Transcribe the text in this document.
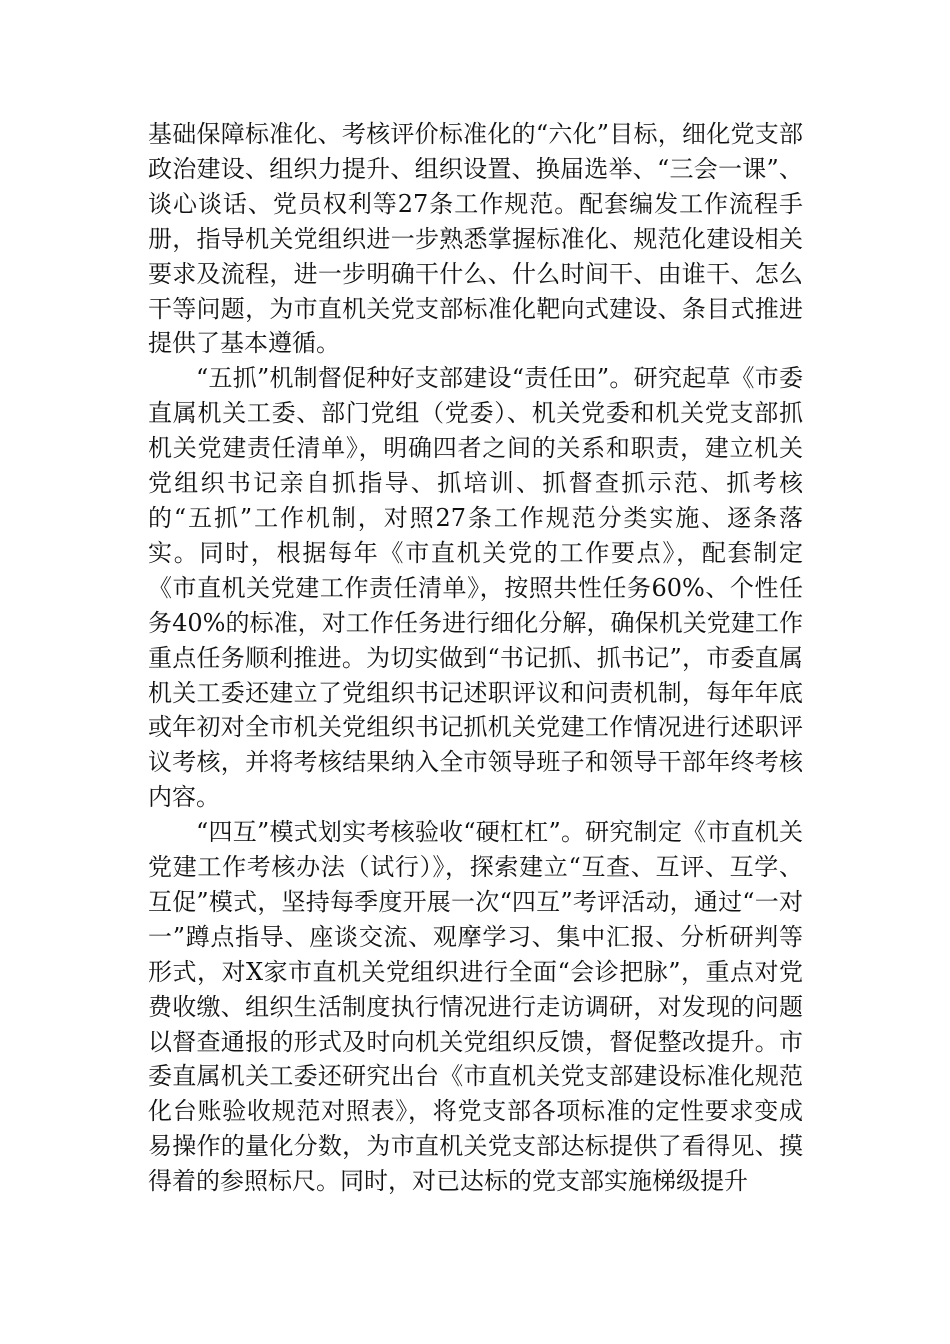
基础保障标准化、考核评价标准化的“六化”目标，细化党支部政治建设、组织力提升、组织设置、换届选举、“三会一课”、谈心谈话、党员权利等27条工作规范。配套编发工作流程手册，指导机关党组织进一步熟悉掌握标准化、规范化建设相关要求及流程，进一步明确干什么、什么时间干、由谁干、怎么干等问题，为市直机关党支部标准化靶向式建设、条目式推进提供了基本遵循。

“五抓”机制督促种好支部建设“责任田”。研究起草《市委直属机关工委、部门党组（党委）、机关党委和机关党支部抓机关党建责任清单》，明确四者之间的关系和职责，建立机关党组织书记亲自抓指导、抓培训、抓督查抓示范、抓考核的“五抓”工作机制，对照27条工作规范分类实施、逐条落实。同时，根据每年《市直机关党的工作要点》，配套制定《市直机关党建工作责任清单》，按照共性任务60%、个性任务40%的标准，对工作任务进行细化分解，确保机关党建工作重点任务顺利推进。为切实做到“书记抓、抓书记”，市委直属机关工委还建立了党组织书记述职评议和问责机制，每年年底或年初对全市机关党组织书记抓机关党建工作情况进行述职评议考核，并将考核结果纳入全市领导班子和领导干部年终考核内容。

“四互”模式划实考核验收“硬杠杠”。研究制定《市直机关党建工作考核办法（试行）》，探索建立“互查、互评、互学、互促”模式，坚持每季度开展一次“四互”考评活动，通过“一对一”蹲点指导、座谈交流、观摩学习、集中汇报、分析研判等形式，对X家市直机关党组织进行全面“会诊把脉”，重点对党费收缴、组织生活制度执行情况进行走访调研，对发现的问题以督查通报的形式及时向机关党组织反馈，督促整改提升。市委直属机关工委还研究出台《市直机关党支部建设标准化规范化台账验收规范对照表》，将党支部各项标准的定性要求变成易操作的量化分数，为市直机关党支部达标提供了看得见、摸得着的参照标尺。同时，对已达标的党支部实施梯级提升
